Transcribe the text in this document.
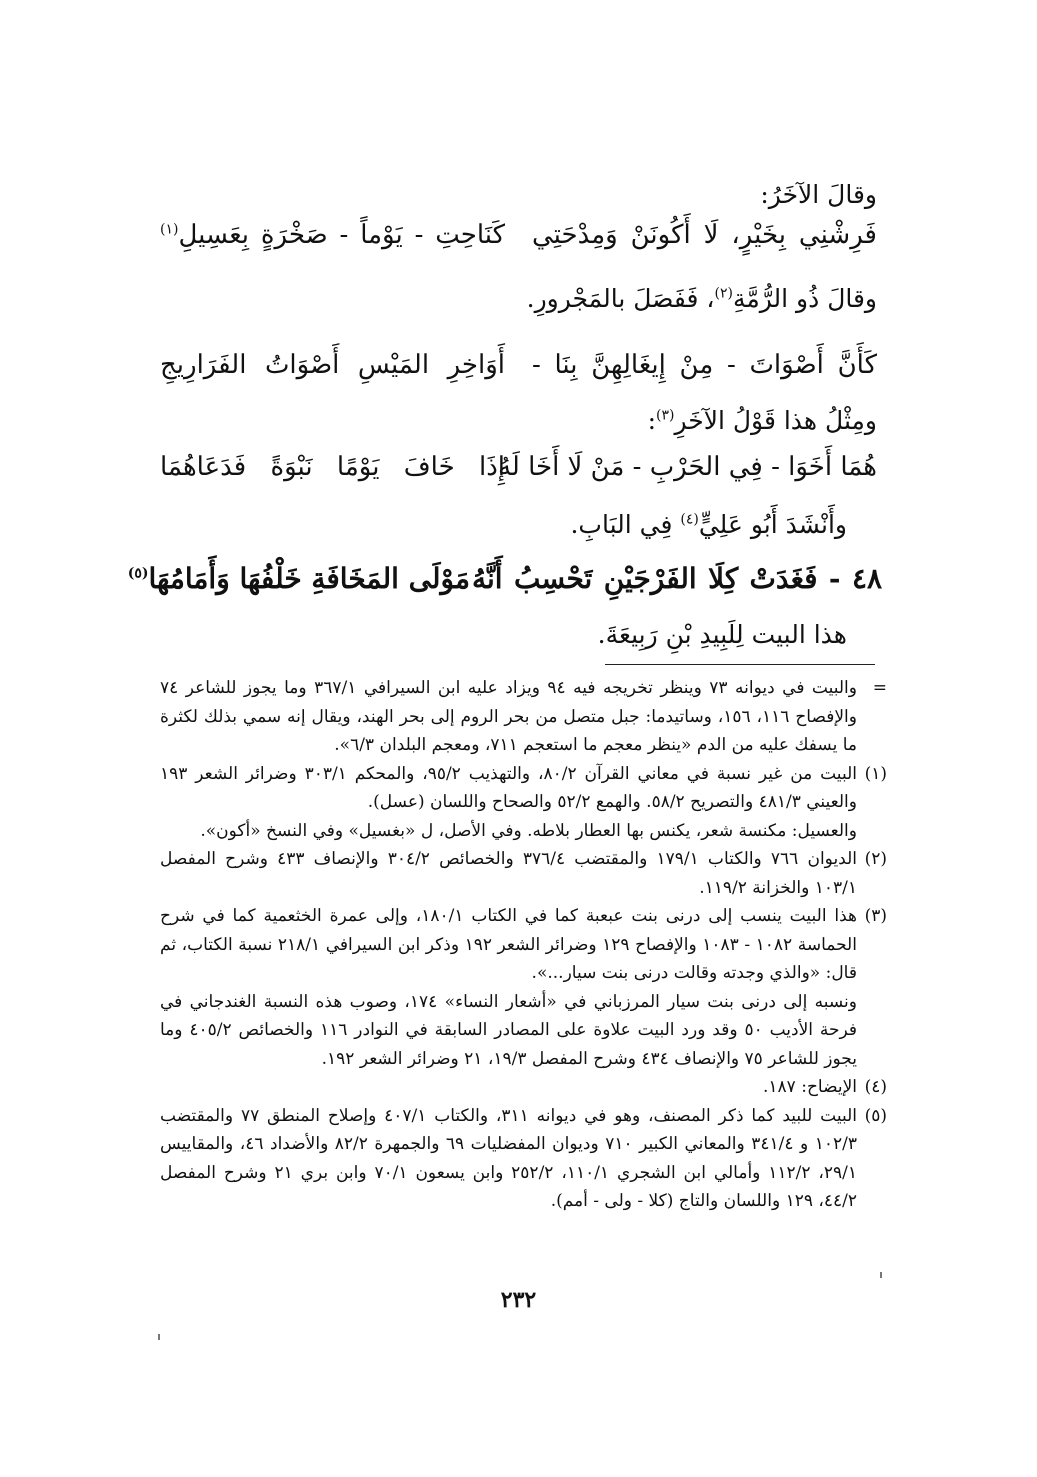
وقالَ الآخَرُ:
فَرِشْنِي بِخَيْرٍ، لَا أَكُونَنْ وَمِدْحَتِي
كَنَاحِتِ - يَوْماً - صَخْرَةٍ بِعَسِيلِ$^{(١)}$
وقالَ ذُو الرُّمَّةِ$^{(٢)}$، فَفَصَلَ بالمَجْرورِ.
كَأَنَّ أَصْوَاتَ - مِنْ إِيغَالِهِنَّ بِنَا -
أَوَاخِرِ المَيْسِ أَصْوَاتُ الفَرَارِيجِ
ومِثْلُ هذا قَوْلُ الآخَرِ$^{(٣)}$:
هُمَا أَخَوَا - فِي الحَرْبِ - مَنْ لَا أَخَا لَهُ
إِذَا خَافَ يَوْمًا نَبْوَةً فَدَعَاهُمَا
وأَنْشَدَ أَبُو عَلِيٍّ$^{(٤)}$ فِي البَابِ.
٤٨ - فَغَدَتْ كِلَا الفَرْجَيْنِ تَحْسِبُ أَنَّهُ
مَوْلَى المَخَافَةِ خَلْفُهَا وَأَمَامُهَا$^{(٥)}$
هذا البيت لِلَبِيدِ بْنِ رَبِيعَةَ.
=
والبيت في ديوانه ٧٣ وينظر تخريجه فيه ٩٤ ويزاد عليه ابن السيرافي ٣٦٧/١ وما يجوز للشاعر ٧٤ والإفصاح ١١٦، ١٥٦، وساتيدما: جبل متصل من بحر الروم إلى بحر الهند، ويقال إنه سمي بذلك لكثرة ما يسفك عليه من الدم «ينظر معجم ما استعجم ٧١١، ومعجم البلدان ٦/٣».
(١)
البيت من غير نسبة في معاني القرآن ٨٠/٢، والتهذيب ٩٥/٢، والمحكم ٣٠٣/١ وضرائر الشعر ١٩٣ والعيني ٤٨١/٣ والتصريح ٥٨/٢. والهمع ٥٢/٢ والصحاح واللسان (عسل).
والعسيل: مكنسة شعر، يكنس بها العطار بلاطه. وفي الأصل، ل «بغسيل» وفي النسخ «أكون».
(٢)
الديوان ٧٦٦ والكتاب ١٧٩/١ والمقتضب ٣٧٦/٤ والخصائص ٣٠٤/٢ والإنصاف ٤٣٣ وشرح المفصل ١٠٣/١ والخزانة ١١٩/٢.
(٣)
هذا البيت ينسب إلى درنى بنت عبعبة كما في الكتاب ١٨٠/١، وإلى عمرة الخثعمية كما في شرح الحماسة ١٠٨٢ - ١٠٨٣ والإفصاح ١٢٩ وضرائر الشعر ١٩٢ وذكر ابن السيرافي ٢١٨/١ نسبة الكتاب، ثم قال: «والذي وجدته وقالت درنى بنت سيار...».
ونسبه إلى درنى بنت سيار المرزباني في «أشعار النساء» ١٧٤، وصوب هذه النسبة الغندجاني في فرحة الأديب ٥٠ وقد ورد البيت علاوة على المصادر السابقة في النوادر ١١٦ والخصائص ٤٠٥/٢ وما يجوز للشاعر ٧٥ والإنصاف ٤٣٤ وشرح المفصل ١٩/٣، ٢١ وضرائر الشعر ١٩٢.
(٤)
الإيضاح: ١٨٧.
(٥)
البيت للبيد كما ذكر المصنف، وهو في ديوانه ٣١١، والكتاب ٤٠٧/١ وإصلاح المنطق ٧٧ والمقتضب ١٠٢/٣ و ٣٤١/٤ والمعاني الكبير ٧١٠ وديوان المفضليات ٦٩ والجمهرة ٨٢/٢ والأضداد ٤٦، والمقاييس ٢٩/١، ١١٢/٢ وأمالي ابن الشجري ١١٠/١، ٢٥٢/٢ وابن يسعون ٧٠/١ وابن بري ٢١ وشرح المفصل ٤٤/٢، ١٢٩ واللسان والتاج (كلا - ولى - أمم).
٢٣٢
